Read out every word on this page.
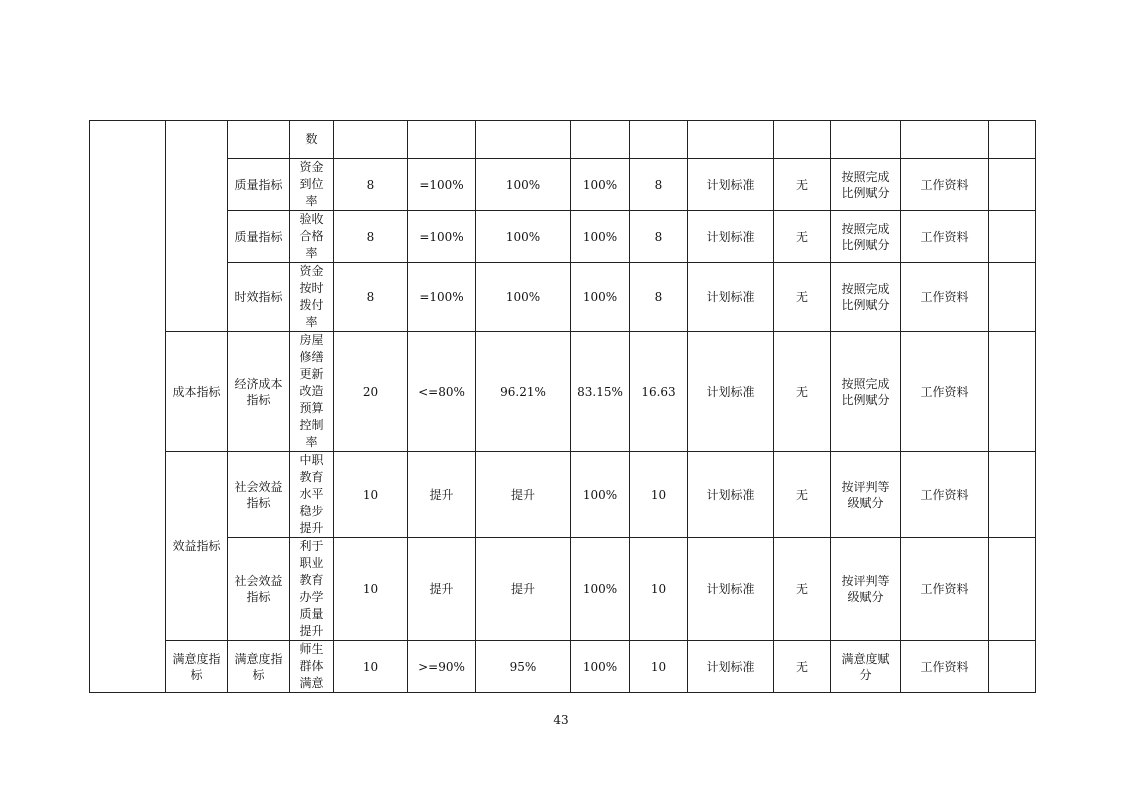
			数										
		质量指标	资金到位率	8	=100%	100%	100%	8	计划标准	无	按照完成比例赋分	工作资料	
		质量指标	验收合格率	8	=100%	100%	100%	8	计划标准	无	按照完成比例赋分	工作资料	
		时效指标	资金按时拨付率	8	=100%	100%	100%	8	计划标准	无	按照完成比例赋分	工作资料	
	成本指标	经济成本指标	房屋修缮更新改造预算控制率	20	<=80%	96.21%	83.15%	16.63	计划标准	无	按照完成比例赋分	工作资料	
	效益指标	社会效益指标	中职教育水平稳步提升	10	提升	提升	100%	10	计划标准	无	按评判等级赋分	工作资料	
		社会效益指标	利于职业教育办学质量提升	10	提升	提升	100%	10	计划标准	无	按评判等级赋分	工作资料	
	满意度指标	满意度指标	师生群体满意	10	>=90%	95%	100%	10	计划标准	无	满意度赋分	工作资料	
43
